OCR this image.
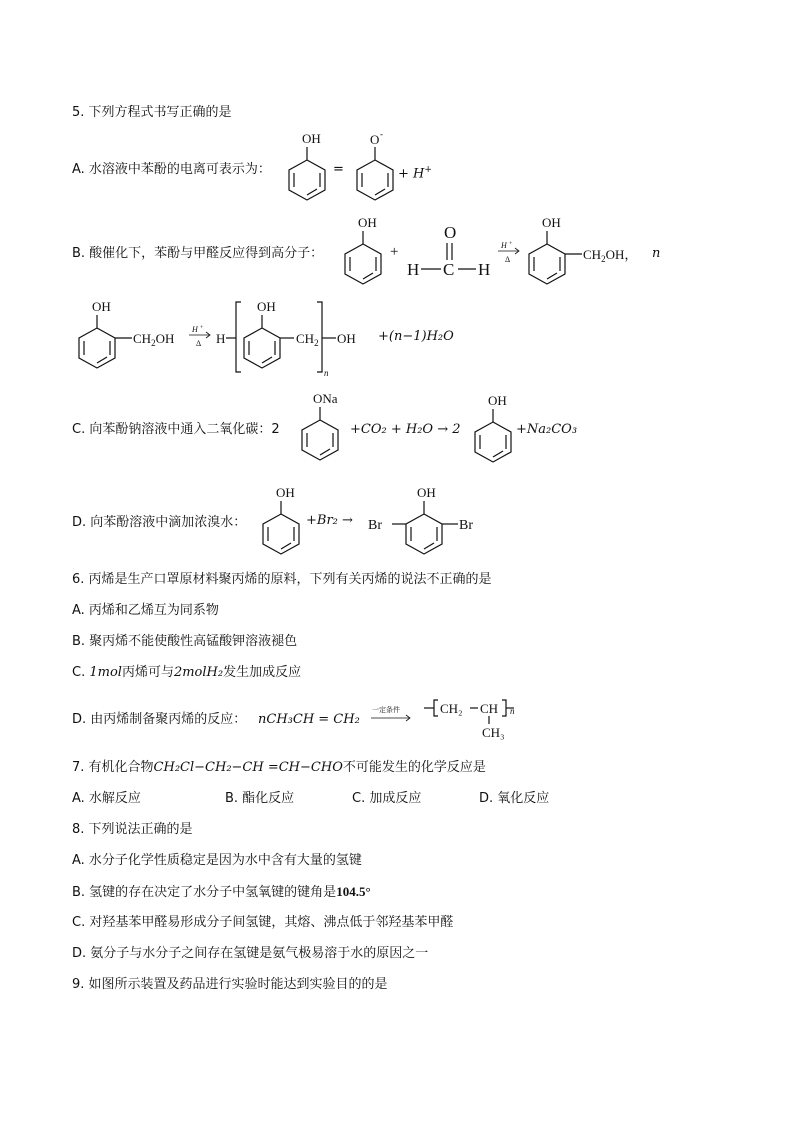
5. 下列方程式书写正确的是
A. 水溶液中苯酚的电离可表示为：
OH
=
O -
+ H+
B. 酸催化下，苯酚与甲醛反应得到高分子：
OH
+
O
H C H
H +
Δ
OH
$CH_2OH$， n
OH
$CH_2OH$
H +
Δ H
OH
$CH_2$
n
OH +(n−1)H₂O
C. 向苯酚钠溶液中通入二氧化碳：2
ONa
+CO₂ + H₂O → 2
OH
+Na₂CO₃
D. 向苯酚溶液中滴加浓溴水：
OH
+Br₂ →
OH
Br	Br
6. 丙烯是生产口罩原材料聚丙烯的原料，下列有关丙烯的说法不正确的是
A. 丙烯和乙烯互为同系物
B. 聚丙烯不能使酸性高锰酸钾溶液褪色
C. 1mol丙烯可与2molH₂发生加成反应
D. 由丙烯制备聚丙烯的反应： nCH₃CH = CH₂
一定条件	CH₂ CH n
CH₃
7. 有机化合物CH₂Cl−CH₂−CH =CH−CHO不可能发生的化学反应是
A. 水解反应	B. 酯化反应	C. 加成反应	D. 氧化反应
8. 下列说法正确的是
A. 水分子化学性质稳定是因为水中含有大量的氢键
B. 氢键的存在决定了水分子中氢氧键的键角是104.5°
C. 对羟基苯甲醛易形成分子间氢键，其熔、沸点低于邻羟基苯甲醛
D. 氨分子与水分子之间存在氢键是氨气极易溶于水的原因之一
9. 如图所示装置及药品进行实验时能达到实验目的的是
